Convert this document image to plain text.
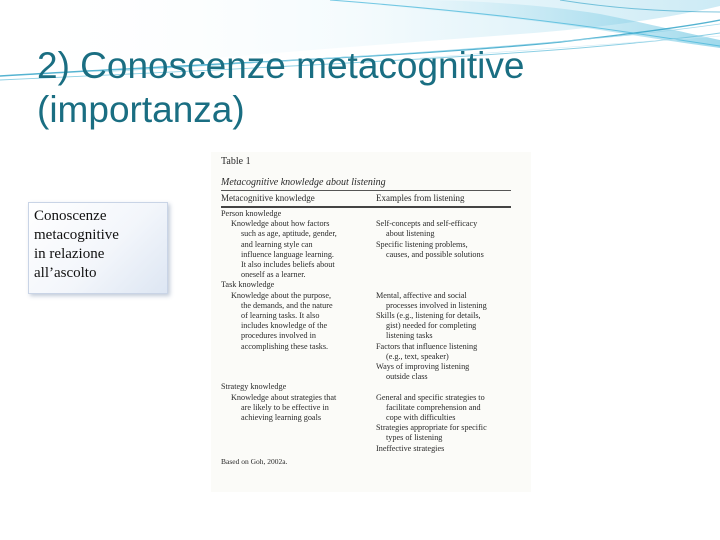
2) Conoscenze metacognitive
(importanza)
Conoscenze
metacognitive
in relazione
all’ascolto
Table 1
Metacognitive knowledge about listening
Metacognitive knowledge	Examples from listening
Person knowledge
Knowledge about how factors
such as age, aptitude, gender,
and learning style can
influence language learning.
It also includes beliefs about
oneself as a learner.
Task knowledge
Knowledge about the purpose,
the demands, and the nature
of learning tasks. It also
includes knowledge of the
procedures involved in
accomplishing these tasks.

Strategy knowledge
Knowledge about strategies that
are likely to be effective in
achieving learning goals

Self-concepts and self-efficacy
about listening
Specific listening problems,
causes, and possible solutions

Mental, affective and social
processes involved in listening
Skills (e.g., listening for details,
gist) needed for completing
listening tasks
Factors that influence listening
(e.g., text, speaker)
Ways of improving listening
outside class

General and specific strategies to
facilitate comprehension and
cope with difficulties
Strategies appropriate for specific
types of listening
Ineffective strategies
Based on Goh, 2002a.
